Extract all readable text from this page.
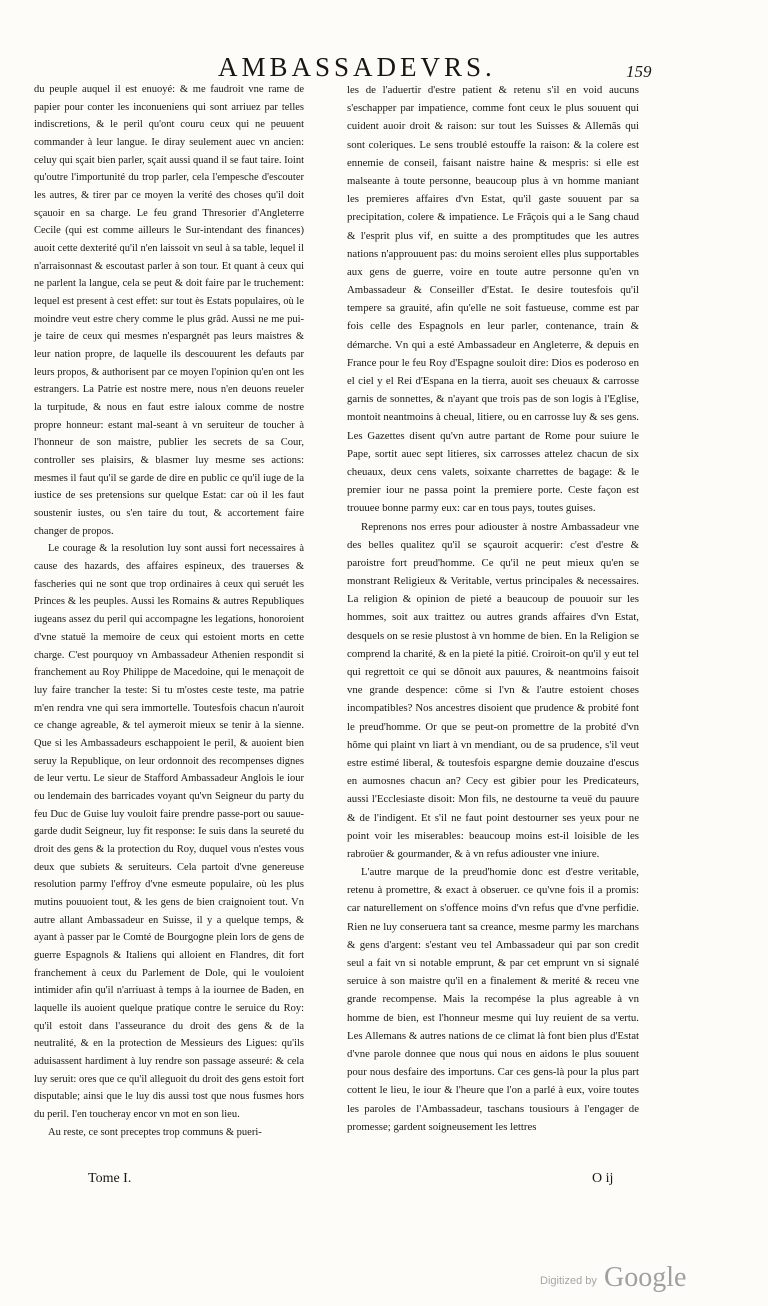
AMBASSADEVRS.	159

du peuple auquel il est enuoyé: & me faudroit vne rame de papier pour conter les inconueniens qui sont arriuez par telles indiscretions, & le peril qu'ont couru ceux qui ne peuuent commander à leur langue. Ie diray seulement auec vn ancien: celuy qui sçait bien parler, sçait aussi quand il se faut taire. Ioint qu'outre l'importunité du trop parler, cela l'empesche d'escouter les autres, & tirer par ce moyen la verité des choses qu'il doit sçauoir en sa charge. Le feu grand Thresorier d'Angleterre Cecile (qui est comme ailleurs le Sur-intendant des finances) auoit cette dexterité qu'il n'en laissoit vn seul à sa table, lequel il n'arraisonnast & escoutast parler à son tour. Et quant à ceux qui ne parlent la langue, cela se peut & doit faire par le truchement: lequel est present à cest effet: sur tout ès Estats populaires, où le moindre veut estre chery comme le plus grâd. Aussi ne me pui-je taire de ceux qui mesmes n'espargnét pas leurs maistres & leur nation propre, de laquelle ils descouurent les defauts par leurs propos, & authorisent par ce moyen l'opinion qu'en ont les estrangers. La Patrie est nostre mere, nous n'en deuons reueler la turpitude, & nous en faut estre ialoux comme de nostre propre honneur: estant mal-seant à vn seruiteur de toucher à l'honneur de son maistre, publier les secrets de sa Cour, controller ses plaisirs, & blasmer luy mesme ses actions: mesmes il faut qu'il se garde de dire en public ce qu'il iuge de la iustice de ses pretensions sur quelque Estat: car où il les faut soustenir iustes, ou s'en taire du tout, & accortement faire changer de propos.

Le courage & la resolution luy sont aussi fort necessaires à cause des hazards, des affaires espineux, des trauerses & fascheries qui ne sont que trop ordinaires à ceux qui seruét les Princes & les peuples. Aussi les Romains & autres Republiques iugeans assez du peril qui accompagne les legations, honoroient d'vne statuë la memoire de ceux qui estoient morts en cette charge. C'est pourquoy vn Ambassadeur Athenien respondit si franchement au Roy Philippe de Macedoine, qui le menaçoit de luy faire trancher la teste: Si tu m'ostes ceste teste, ma patrie m'en rendra vne qui sera immortelle. Toutesfois chacun n'auroit ce change agreable, & tel aymeroit mieux se tenir à la sienne. Que si les Ambassadeurs eschappoient le peril, & auoient bien seruy la Republique, on leur ordonnoit des recompenses dignes de leur vertu. Le sieur de Stafford Ambassadeur Anglois le iour ou lendemain des barricades voyant qu'vn Seigneur du party du feu Duc de Guise luy vouloit faire prendre passe-port ou sauue-garde dudit Seigneur, luy fit response: Ie suis dans la seureté du droit des gens & la protection du Roy, duquel vous n'estes vous deux que subiets & seruiteurs. Cela partoit d'vne genereuse resolution parmy l'effroy d'vne esmeute populaire, où les plus mutins pouuoient tout, & les gens de bien craignoient tout. Vn autre allant Ambassadeur en Suisse, il y a quelque temps, & ayant à passer par le Comté de Bourgogne plein lors de gens de guerre Espagnols & Italiens qui alloient en Flandres, dit fort franchement à ceux du Parlement de Dole, qui le vouloient intimider afin qu'il n'arriuast à temps à la iournee de Baden, en laquelle ils auoient quelque pratique contre le seruice du Roy: qu'il estoit dans l'asseurance du droit des gens & de la neutralité, & en la protection de Messieurs des Ligues: qu'ils aduisassent hardiment à luy rendre son passage asseuré: & cela luy seruit: ores que ce qu'il alleguoit du droit des gens estoit fort disputable; ainsi que le luy dis aussi tost que nous fusmes hors du peril. I'en toucheray encor vn mot en son lieu.

Au reste, ce sont preceptes trop communs & pueri-

les de l'aduertir d'estre patient & retenu s'il en void aucuns s'eschapper par impatience, comme font ceux le plus souuent qui cuident auoir droit & raison: sur tout les Suisses & Allemãs qui sont coleriques. Le sens troublé estouffe la raison: & la colere est ennemie de conseil, faisant naistre haine & mespris: si elle est malseante à toute personne, beaucoup plus à vn homme maniant les premieres affaires d'vn Estat, qu'il gaste souuent par sa precipitation, colere & impatience. Le Frãçois qui a le Sang chaud & l'esprit plus vif, en suitte a des promptitudes que les autres nations n'approuuent pas: du moins seroient elles plus supportables aux gens de guerre, voire en toute autre personne qu'en vn Ambassadeur & Conseiller d'Estat. Ie desire toutesfois qu'il tempere sa grauité, afin qu'elle ne soit fastueuse, comme est par fois celle des Espagnols en leur parler, contenance, train & démarche. Vn qui a esté Ambassadeur en Angleterre, & depuis en France pour le feu Roy d'Espagne souloit dire: Dios es poderoso en el ciel y el Rei d'Espana en la tierra, auoit ses cheuaux & carrosse garnis de sonnettes, & n'ayant que trois pas de son logis à l'Eglise, montoit neantmoins à cheual, litiere, ou en carrosse luy & ses gens. Les Gazettes disent qu'vn autre partant de Rome pour suiure le Pape, sortit auec sept litieres, six carrosses attelez chacun de six cheuaux, deux cens valets, soixante charrettes de bagage: & le premier iour ne passa point la premiere porte. Ceste façon est trouuee bonne parmy eux: car en tous pays, toutes guises.

Reprenons nos erres pour adiouster à nostre Ambassadeur vne des belles qualitez qu'il se sçauroit acquerir: c'est d'estre & paroistre fort preud'homme. Ce qu'il ne peut mieux qu'en se monstrant Religieux & Veritable, vertus principales & necessaires. La religion & opinion de pieté a beaucoup de pouuoir sur les hommes, soit aux traittez ou autres grands affaires d'vn Estat, desquels on se resie plustost à vn homme de bien. En la Religion se comprend la charité, & en la pieté la pitié. Croiroit-on qu'il y eut tel qui regrettoit ce qui se dõnoit aux pauures, & neantmoins faisoit vne grande despence: cõme si l'vn & l'autre estoient choses incompatibles? Nos ancestres disoient que prudence & probité font le preud'homme. Or que se peut-on promettre de la probité d'vn hõme qui plaint vn liart à vn mendiant, ou de sa prudence, s'il veut estre estimé liberal, & toutesfois espargne demie douzaine d'escus en aumosnes chacun an? Cecy est gibier pour les Predicateurs, aussi l'Ecclesiaste disoit: Mon fils, ne destourne ta veuë du pauure & de l'indigent. Et s'il ne faut point destourner ses yeux pour ne point voir les miserables: beaucoup moins est-il loisible de les rabroüer & gourmander, & à vn refus adiouster vne iniure.

L'autre marque de la preud'homie donc est d'estre veritable, retenu à promettre, & exact à obseruer. ce qu'vne fois il a promis: car naturellement on s'offence moins d'vn refus que d'vne perfidie. Rien ne luy conseruera tant sa creance, mesme parmy les marchans & gens d'argent: s'estant veu tel Ambassadeur qui par son credit seul a fait vn si notable emprunt, & par cet emprunt vn si signalé seruice à son maistre qu'il en a finalement & merité & receu vne grande recompense. Mais la recompése la plus agreable à vn homme de bien, est l'honneur mesme qui luy reuient de sa vertu. Les Allemans & autres nations de ce climat là font bien plus d'Estat d'vne parole donnee que nous qui nous en aidons le plus souuent pour nous desfaire des importuns. Car ces gens-là pour la plus part cottent le lieu, le iour & l'heure que l'on a parlé à eux, voire toutes les paroles de l'Ambassadeur, taschans tousiours à l'engager de promesse; gardent soigneusement les lettres

Tome I.	O ij
Digitized by Google
